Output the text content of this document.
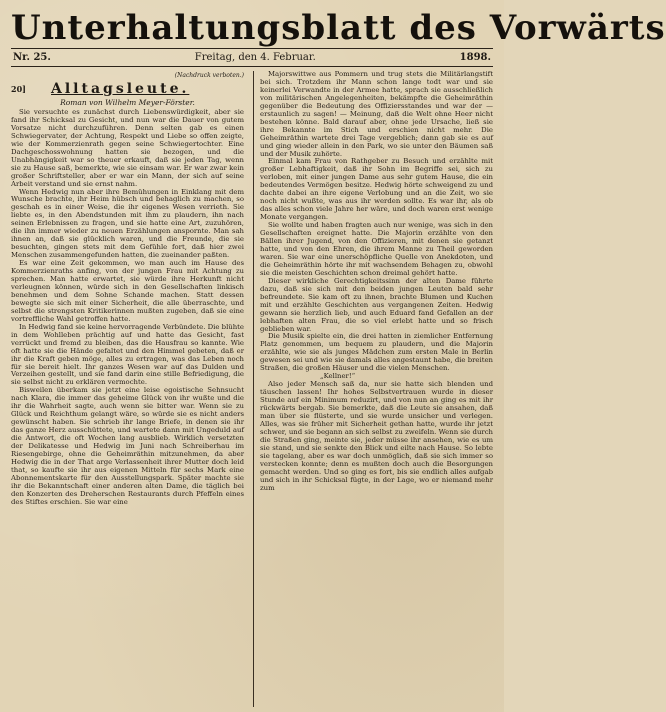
Unterhaltungsblatt des Vorwärts
Nr. 25.	Freitag, den 4. Februar.	1898.
(Nachdruck verboten.)
20]	Alltagsleute.
Roman von Wilhelm Meyer-Förster.

Sie versuchte es zunächst durch Liebenswürdigkeit, aber sie fand ihr Schicksal zu Gesicht, und nun war die Dauer von gutem Vorsatze nicht durchzuführen. Denn selten gab es einen Schwiegervater, der Achtung, Respekt und Liebe so offen zeigte, wie der Kommerzienrath gegen seine Schwiegertochter. Eine Dachgeschosswohnung hatten sie bezogen, und die Unabhängigkeit war so theuer erkauft, daß sie jeden Tag, wenn sie zu Hause saß, bemerkte, wie sie einsam war. Er war zwar kein großer Schriftsteller, aber er war ein Mann, der sich auf seine Arbeit verstand und sie ernst nahm.

Wenn Hedwig nun aber ihre Bemühungen in Einklang mit dem Wunsche brachte, ihr Heim hübsch und behaglich zu machen, so geschah es in einer Weise, die ihr eigenes Wesen verrieth. Sie liebte es, in den Abendstunden mit ihm zu plaudern, ihn nach seinen Erlebnissen zu fragen, und sie hatte eine Art, zuzuhören, die ihn immer wieder zu neuen Erzählungen anspornte. Man sah ihnen an, daß sie glücklich waren, und die Freunde, die sie besuchten, gingen stets mit dem Gefühle fort, daß hier zwei Menschen zusammengefunden hatten, die zueinander paßten.

Es war eine Zeit gekommen, wo man auch im Hause des Kommerzienraths anfing, von der jungen Frau mit Achtung zu sprechen. Man hatte erwartet, sie würde ihre Herkunft nicht verleugnen können, würde sich in den Gesellschaften linkisch benehmen und dem Sohne Schande machen. Statt dessen bewegte sie sich mit einer Sicherheit, die alle überraschte, und selbst die strengsten Kritikerinnen mußten zugeben, daß sie eine vortreffliche Wahl getroffen hatte.

In Hedwig fand sie keine hervorragende Verbündete. Die blühte in dem Wohlleben prächtig auf und hatte das Gesicht, fast verrückt und fremd zu bleiben, das die Hausfrau so kannte. Wie oft hatte sie die Hände gefaltet und den Himmel gebeten, daß er ihr die Kraft geben möge, alles zu ertragen, was das Leben noch für sie bereit hielt. Ihr ganzes Wesen war auf das Dulden und Verzeihen gestellt, und sie fand darin eine stille Befriedigung, die sie selbst nicht zu erklären vermochte.

Bisweilen überkam sie jetzt eine leise egoistische Sehnsucht nach Klara, die immer das geheime Glück von ihr wußte und die ihr die Wahrheit sagte, auch wenn sie bitter war. Wenn sie zu Glück und Reichthum gelangt wäre, so würde sie es nicht anders gewünscht haben. Sie schrieb ihr lange Briefe, in denen sie ihr das ganze Herz ausschüttete, und wartete dann mit Ungeduld auf die Antwort, die oft Wochen lang ausblieb. Wirklich versetzten der Delikatesse und Hedwig im Juni nach Schreiberhau im Riesengebirge, ohne die Geheimräthin mitzunehmen, da aber Hedwig die in der That arge Verlassenheit ihrer Mutter doch leid that, so kaufte sie ihr aus eigenen Mitteln für sechs Mark eine Abonnementskarte für den Ausstellungspark. Später machte sie ihr die Bekanntschaft einer anderen alten Dame, die täglich bei den Konzerten des Dreherschen Restaurants durch Pfeffeln eines des Stiftes erschien. Sie war eine

Majorswittwe aus Pommern und trug stets die Militärlangstift bei sich. Trotzdem ihr Mann schon lange todt war und sie keinerlei Verwandte in der Armee hatte, sprach sie ausschließlich von militärischen Angelegenheiten, bekämpfte die Geheimräthin gegenüber die Bedeutung des Offiziersstandes und war der — erstaunlich zu sagen! — Meinung, daß die Welt ohne Heer nicht bestehen könne. Bald darauf aber, ohne jede Ursache, ließ sie ihre Bekannte im Stich und erschien nicht mehr. Die Geheimräthin wartete drei Tage vergeblich; dann gab sie es auf und ging wieder allein in den Park, wo sie unter den Bäumen saß und der Musik zuhörte.

Einmal kam Frau von Rathgeber zu Besuch und erzählte mit großer Lebhaftigkeit, daß ihr Sohn im Begriffe sei, sich zu verloben, mit einer jungen Dame aus sehr gutem Hause, die ein bedeutendes Vermögen besitze. Hedwig hörte schweigend zu und dachte dabei an ihre eigene Verlobung und an die Zeit, wo sie noch nicht wußte, was aus ihr werden sollte. Es war ihr, als ob das alles schon viele Jahre her wäre, und doch waren erst wenige Monate vergangen.

Sie wollte und haben fragten auch nur wenige, was sich in den Gesellschaften ereignet hatte. Die Majorin erzählte von den Bällen ihrer Jugend, von den Offizieren, mit denen sie getanzt hatte, und von den Ehren, die ihrem Manne zu Theil geworden waren. Sie war eine unerschöpfliche Quelle von Anekdoten, und die Geheimräthin hörte ihr mit wachsendem Behagen zu, obwohl sie die meisten Geschichten schon dreimal gehört hatte.

Dieser wirkliche Gerechtigkeitssinn der alten Dame führte dazu, daß sie sich mit den beiden jungen Leuten bald sehr befreundete. Sie kam oft zu ihnen, brachte Blumen und Kuchen mit und erzählte Geschichten aus vergangenen Zeiten. Hedwig gewann sie herzlich lieb, und auch Eduard fand Gefallen an der lebhaften alten Frau, die so viel erlebt hatte und so frisch geblieben war.

Die Musik spielte ein, die drei hatten in ziemlicher Entfernung Platz genommen, um bequem zu plaudern, und die Majorin erzählte, wie sie als junges Mädchen zum ersten Male in Berlin gewesen sei und wie sie damals alles angestaunt habe, die breiten Straßen, die großen Häuser und die vielen Menschen.

„Kellner!“

Also jeder Mensch saß da, nur sie hatte sich blenden und täuschen lassen! Ihr hohes Selbstvertrauen wurde in dieser Stunde auf ein Minimum reduzirt, und von nun an ging es mit ihr rückwärts bergab. Sie bemerkte, daß die Leute sie ansahen, daß man über sie flüsterte, und sie wurde unsicher und verlegen. Alles, was sie früher mit Sicherheit gethan hatte, wurde ihr jetzt schwer, und sie begann an sich selbst zu zweifeln. Wenn sie durch die Straßen ging, meinte sie, jeder müsse ihr ansehen, wie es um sie stand, und sie senkte den Blick und eilte nach Hause. So lebte sie tagelang, aber es war doch unmöglich, daß sie sich immer so verstecken konnte; denn es mußten doch auch die Besorgungen gemacht werden. Und so ging es fort, bis sie endlich alles aufgab und sich in ihr Schicksal fügte, in der Lage, wo er niemand mehr zum
